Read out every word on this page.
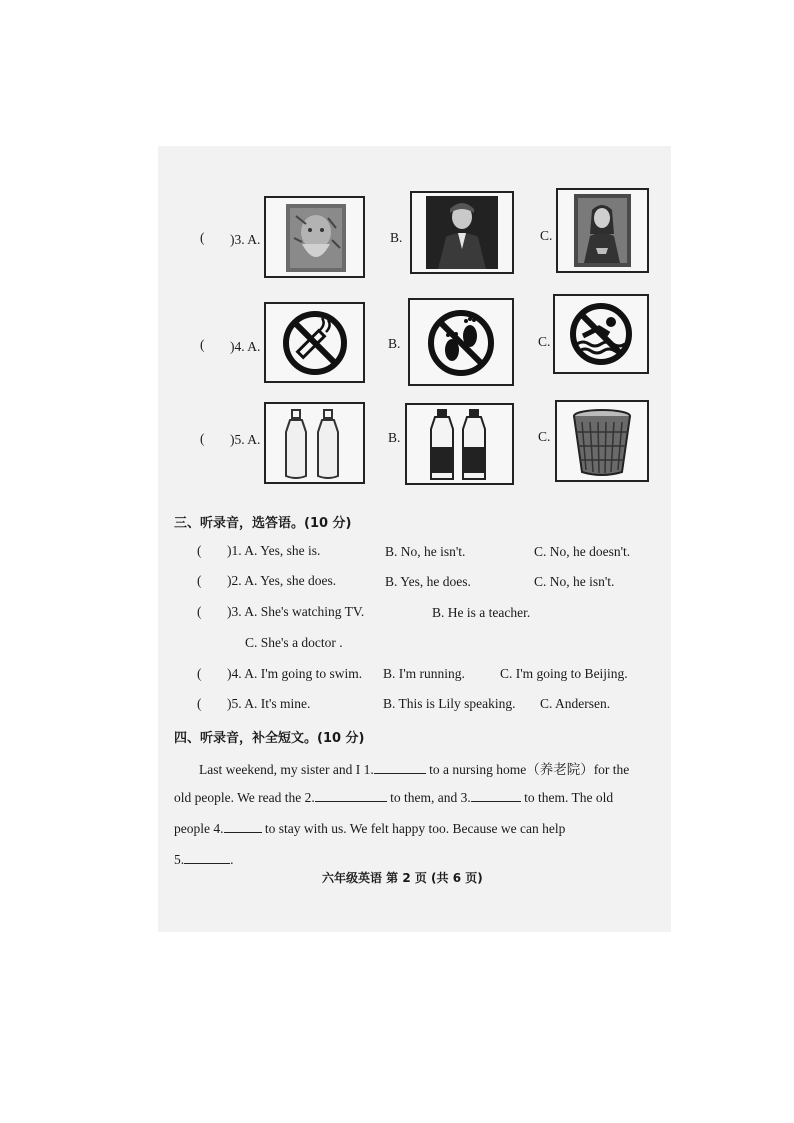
( )3. A.	B.	C.
( )4. A.	B.	C.
( )5. A.	B.	C.
三、听录音，选答语。(10 分)
( )1. A. Yes, she is.	B. No, he isn't.	C. No, he doesn't.
( )2. A. Yes, she does.	B. Yes, he does.	C. No, he isn't.
( )3. A. She's watching TV.	B. He is a teacher.
C. She's a doctor .
( )4. A. I'm going to swim. B. I'm running.	C. I'm going to Beijing.
( )5. A. It's mine.	B. This is Lily speaking. C. Andersen.
四、听录音，补全短文。(10 分)
Last weekend, my sister and I 1.	to a nursing home（养老院）for the
old people. We read the 2.	to them, and 3.	to them. The old
people 4.	to stay with us. We felt happy too. Because we can help
5.	.
六年级英语 第 2 页 (共 6 页)
